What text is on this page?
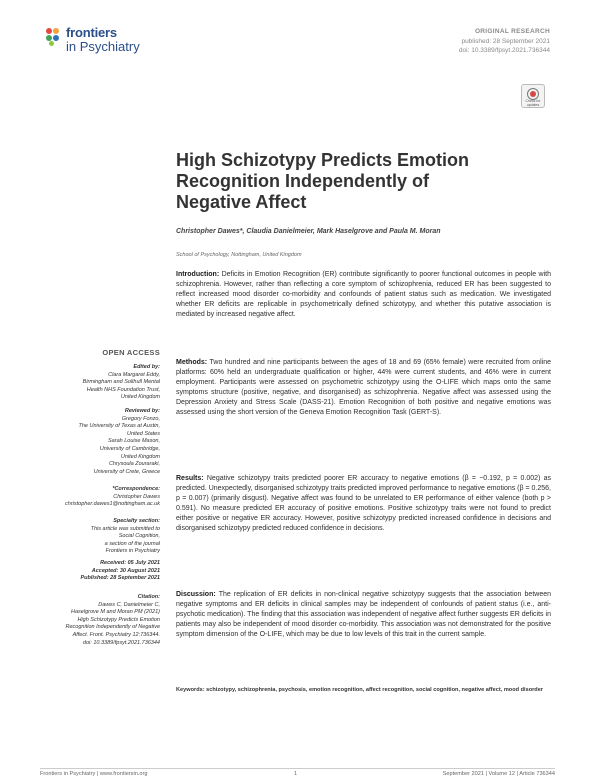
frontiers
in Psychiatry
ORIGINAL RESEARCH
published: 28 September 2021
doi: 10.3389/fpsyt.2021.736344
Check for updates
High Schizotypy Predicts Emotion
Recognition Independently of
Negative Affect
Christopher Dawes*, Claudia Danielmeier, Mark Haselgrove and Paula M. Moran
School of Psychology, Nottingham, United Kingdom
Introduction: Deficits in Emotion Recognition (ER) contribute significantly to poorer functional outcomes in people with schizophrenia. However, rather than reflecting a core symptom of schizophrenia, reduced ER has been suggested to reflect increased mood disorder co-morbidity and confounds of patient status such as medication. We investigated whether ER deficits are replicable in psychometrically defined schizotypy, and whether this putative association is mediated by increased negative affect.
Methods: Two hundred and nine participants between the ages of 18 and 69 (65% female) were recruited from online platforms: 60% held an undergraduate qualification or higher, 44% were current students, and 46% were in current employment. Participants were assessed on psychometric schizotypy using the O-LIFE which maps onto the same symptoms structure (positive, negative, and disorganised) as schizophrenia. Negative affect was assessed using the Depression Anxiety and Stress Scale (DASS-21). Emotion Recognition of both positive and negative emotions was assessed using the short version of the Geneva Emotion Recognition Task (GERT-S).
Results: Negative schizotypy traits predicted poorer ER accuracy to negative emotions (β = −0.192, p = 0.002) as predicted. Unexpectedly, disorganised schizotypy traits predicted improved performance to negative emotions (β = 0.256, p = 0.007) (primarily disgust). Negative affect was found to be unrelated to ER performance of either valence (both p > 0.591). No measure predicted ER accuracy of positive emotions. Positive schizotypy traits were not found to predict either positive or negative ER accuracy. However, positive schizotypy predicted increased confidence in decisions and disorganised schizotypy predicted reduced confidence in decisions.
Discussion: The replication of ER deficits in non-clinical negative schizotypy suggests that the association between negative symptoms and ER deficits in clinical samples may be independent of confounds of patient status (i.e., anti-psychotic medication). The finding that this association was independent of negative affect further suggests ER deficits in patients may also be independent of mood disorder co-morbidity. This association was not demonstrated for the positive symptom dimension of the O-LIFE, which may be due to low levels of this trait in the current sample.
Keywords: schizotypy, schizophrenia, psychosis, emotion recognition, affect recognition, social cognition, negative affect, mood disorder
OPEN ACCESS
Edited by:
Clara Margaret Eddy,
Birmingham and Solihull Mental
Health NHS Foundation Trust,
United Kingdom
Reviewed by:
Gregory Fonzo,
The University of Texas at Austin,
United States
Sarah Louise Mason,
University of Cambridge,
United Kingdom
Chrysoula Zouraraki,
University of Crete, Greece
*Correspondence:
Christopher Dawes
christopher.dawes1@nottingham.ac.uk
Specialty section:
This article was submitted to
Social Cognition,
a section of the journal
Frontiers in Psychiatry
Received: 05 July 2021
Accepted: 30 August 2021
Published: 28 September 2021
Citation:
Dawes C, Danielmeier C,
Haselgrove M and Moran PM (2021)
High Schizotypy Predicts Emotion
Recognition Independently of Negative
Affect. Front. Psychiatry 12:736344.
doi: 10.3389/fpsyt.2021.736344
Frontiers in Psychiatry | www.frontiersin.org	1	September 2021 | Volume 12 | Article 736344
